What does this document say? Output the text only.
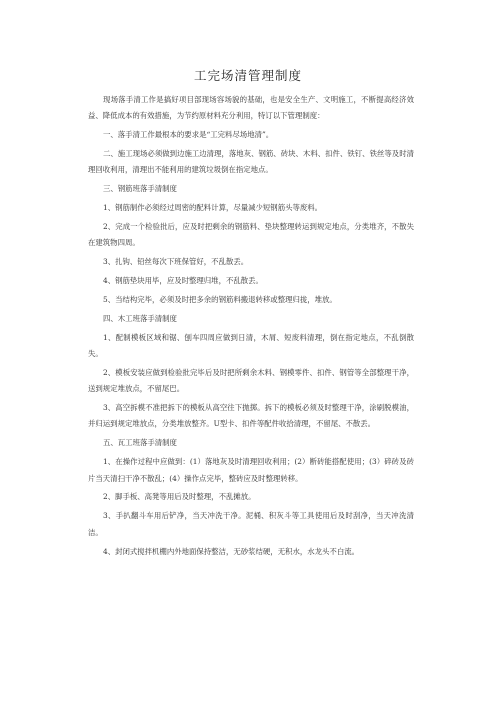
工完场清管理制度

现场落手清工作是搞好项目部现场容场貌的基础，也是安全生产、文明施工，不断提高经济效益、降低成本的有效措施，为节约原材料充分利用，特订以下管理制度：

一、落手清工作最根本的要求是“工完料尽场地清”。

二、施工现场必须做到边施工边清理，落地灰、钢筋、砖块、木料、扣件、铁钉、铁丝等及时清理回收利用，清理出不能利用的建筑垃圾倒在指定地点。

三、钢筋班落手清制度

1、钢筋制作必须经过周密的配料计算，尽量减少短钢筋头等废料。

2、完成一个检验批后，应及时把剩余的钢筋料、垫块整理转运到规定地点，分类堆齐，不散失在建筑物四周。

3、扎钩、铅丝每次下班保管好，不乱散丢。

4、钢筋垫块用毕，应及时整理归堆，不乱散丢。

5、当结构完毕，必须及时把多余的钢筋料搬退转移或整理归拢，堆放。

四、木工班落手清制度

1、配制模板区域和锯、刨车四周应做到日清，木屑、短废料清理，倒在指定地点，不乱倒散失。

2、模板安装应做到检验批完毕后及时把所剩余木料、钢模零件、扣件、钢管等全部整理干净，送到规定堆放点，不留尾巴。

3、高空拆模不准把拆下的模板从高空往下抛掷。拆下的模板必须及时整理干净，涂刷脱模油，并归运到规定堆放点，分类堆放整齐。U型卡、扣件等配件收拾清理，不留尾、不散丢。

五、瓦工班落手清制度

1、在操作过程中应做到：(1）落地灰及时清理回收利用；(2）断砖能搭配使用；(3）碎砖及砖片当天清扫干净不散乱；(4）操作点完毕，整砖应及时整理转移。

2、脚手板、高凳等用后及时整理，不乱摊放。

3、手扒翻斗车用后铲净，当天冲洗干净。泥桶、积灰斗等工具使用后及时刮净，当天冲洗清洁。

4、封闭式搅拌机棚内外地面保持整洁，无砂浆结硬，无积水，水龙头不白流。
